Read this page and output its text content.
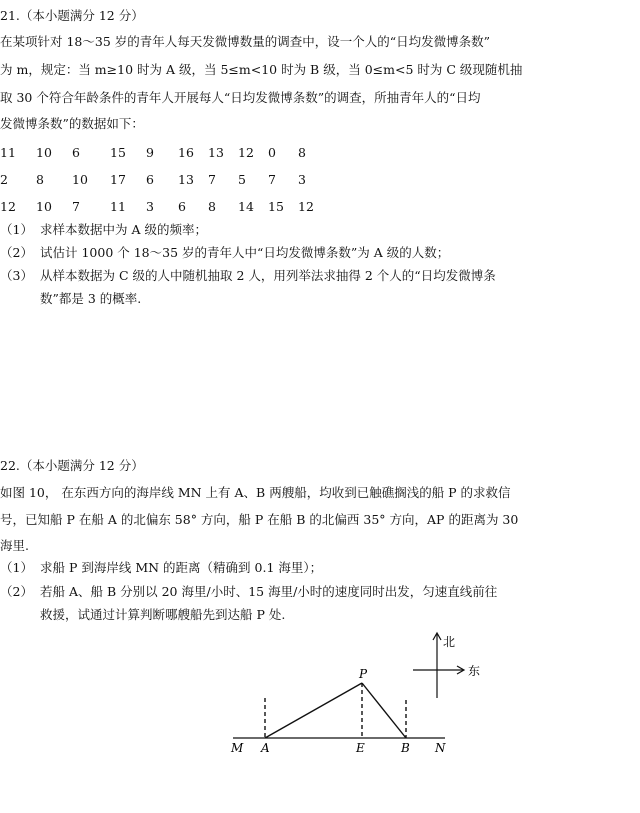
21.（本小题满分 12 分）
在某项针对 18～35 岁的青年人每天发微博数量的调查中，设一个人的“日均发微博条数”
为 m，规定：当 m≥10 时为 A 级，当 5≤m<10 时为 B 级，当 0≤m<5 时为 C 级现随机抽
取 30 个符合年龄条件的青年人开展每人“日均发微博条数”的调查，所抽青年人的“日均
发微博条数”的数据如下：
11 10 6 15 9 16 13 12 0 8
2 8 10 17 6 13 7 5 7 3
12 10 7 11 3 6 8 14 15 12
（1） 求样本数据中为 A 级的频率；
（2） 试估计 1000 个 18～35 岁的青年人中“日均发微博条数”为 A 级的人数；
（3） 从样本数据为 C 级的人中随机抽取 2 人，用列举法求抽得 2 个人的“日均发微博条
数”都是 3 的概率.
22.（本小题满分 12 分）
如图 10， 在东西方向的海岸线 MN 上有 A、B 两艘船，均收到已触礁搁浅的船 P 的求救信
号，已知船 P 在船 A 的北偏东 58° 方向，船 P 在船 B 的北偏西 35° 方向，AP 的距离为 30
海里.
（1） 求船 P 到海岸线 MN 的距离（精确到 0.1 海里）；
（2） 若船 A、船 B 分别以 20 海里/小时、15 海里/小时的速度同时出发，匀速直线前往
救援，试通过计算判断哪艘船先到达船 P 处.
北
东
P
M A	E	B N
